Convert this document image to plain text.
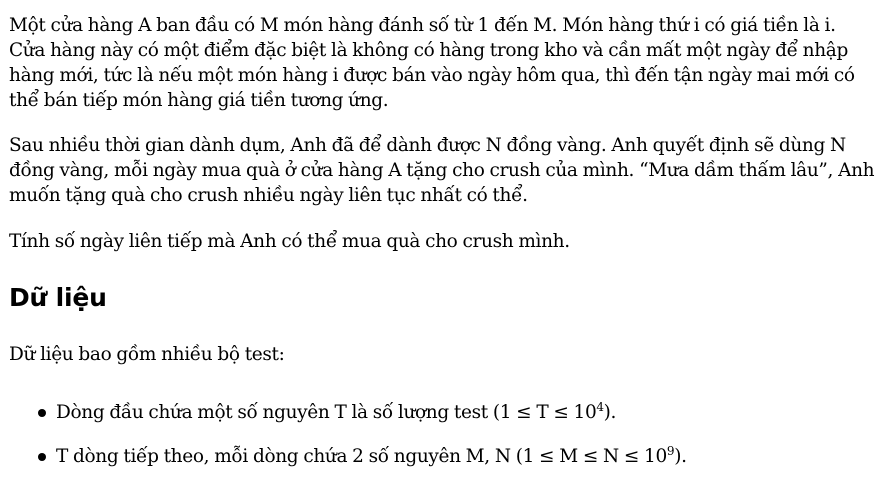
Một cửa hàng A ban đầu có M món hàng đánh số từ 1 đến M. Món hàng thứ i có giá tiền là i. Cửa hàng này có một điểm đặc biệt là không có hàng trong kho và cần mất một ngày để nhập hàng mới, tức là nếu một món hàng i được bán vào ngày hôm qua, thì đến tận ngày mai mới có thể bán tiếp món hàng giá tiền tương ứng.

Sau nhiều thời gian dành dụm, Anh đã để dành được N đồng vàng. Anh quyết định sẽ dùng N đồng vàng, mỗi ngày mua quà ở cửa hàng A tặng cho crush của mình. “Mưa dầm thấm lâu”, Anh muốn tặng quà cho crush nhiều ngày liên tục nhất có thể.

Tính số ngày liên tiếp mà Anh có thể mua quà cho crush mình.

Dữ liệu

Dữ liệu bao gồm nhiều bộ test:

Dòng đầu chứa một số nguyên T là số lượng test $(1 \le T \le 10^4)$.
T dòng tiếp theo, mỗi dòng chứa 2 số nguyên M, N $(1 \le M \le N \le 10^9)$.
